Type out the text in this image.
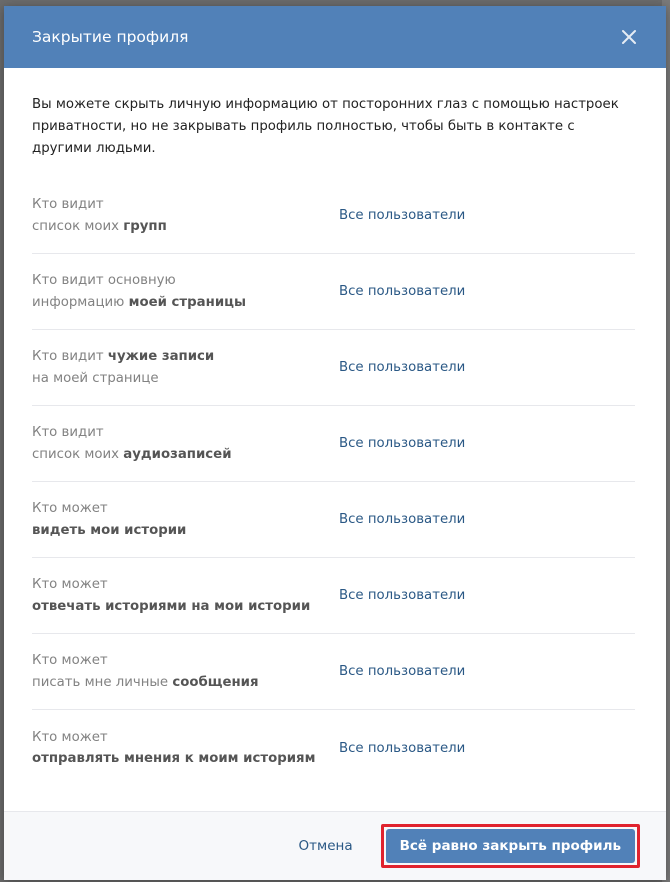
Закрытие профиля

Вы можете скрыть личную информацию от посторонних глаз с помощью настроек приватности, но не закрывать профиль полностью, чтобы быть в контакте с другими людьми.

Кто видит
список моих групп
Все пользователи
Кто видит основную
информацию моей страницы
Все пользователи
Кто видит чужие записи
на моей странице
Все пользователи
Кто видит
список моих аудиозаписей
Все пользователи
Кто может
видеть мои истории
Все пользователи
Кто может
отвечать историями на мои истории
Все пользователи
Кто может
писать мне личные сообщения
Все пользователи
Кто может
отправлять мнения к моим историям
Все пользователи
Отмена	Всё равно закрыть профиль
